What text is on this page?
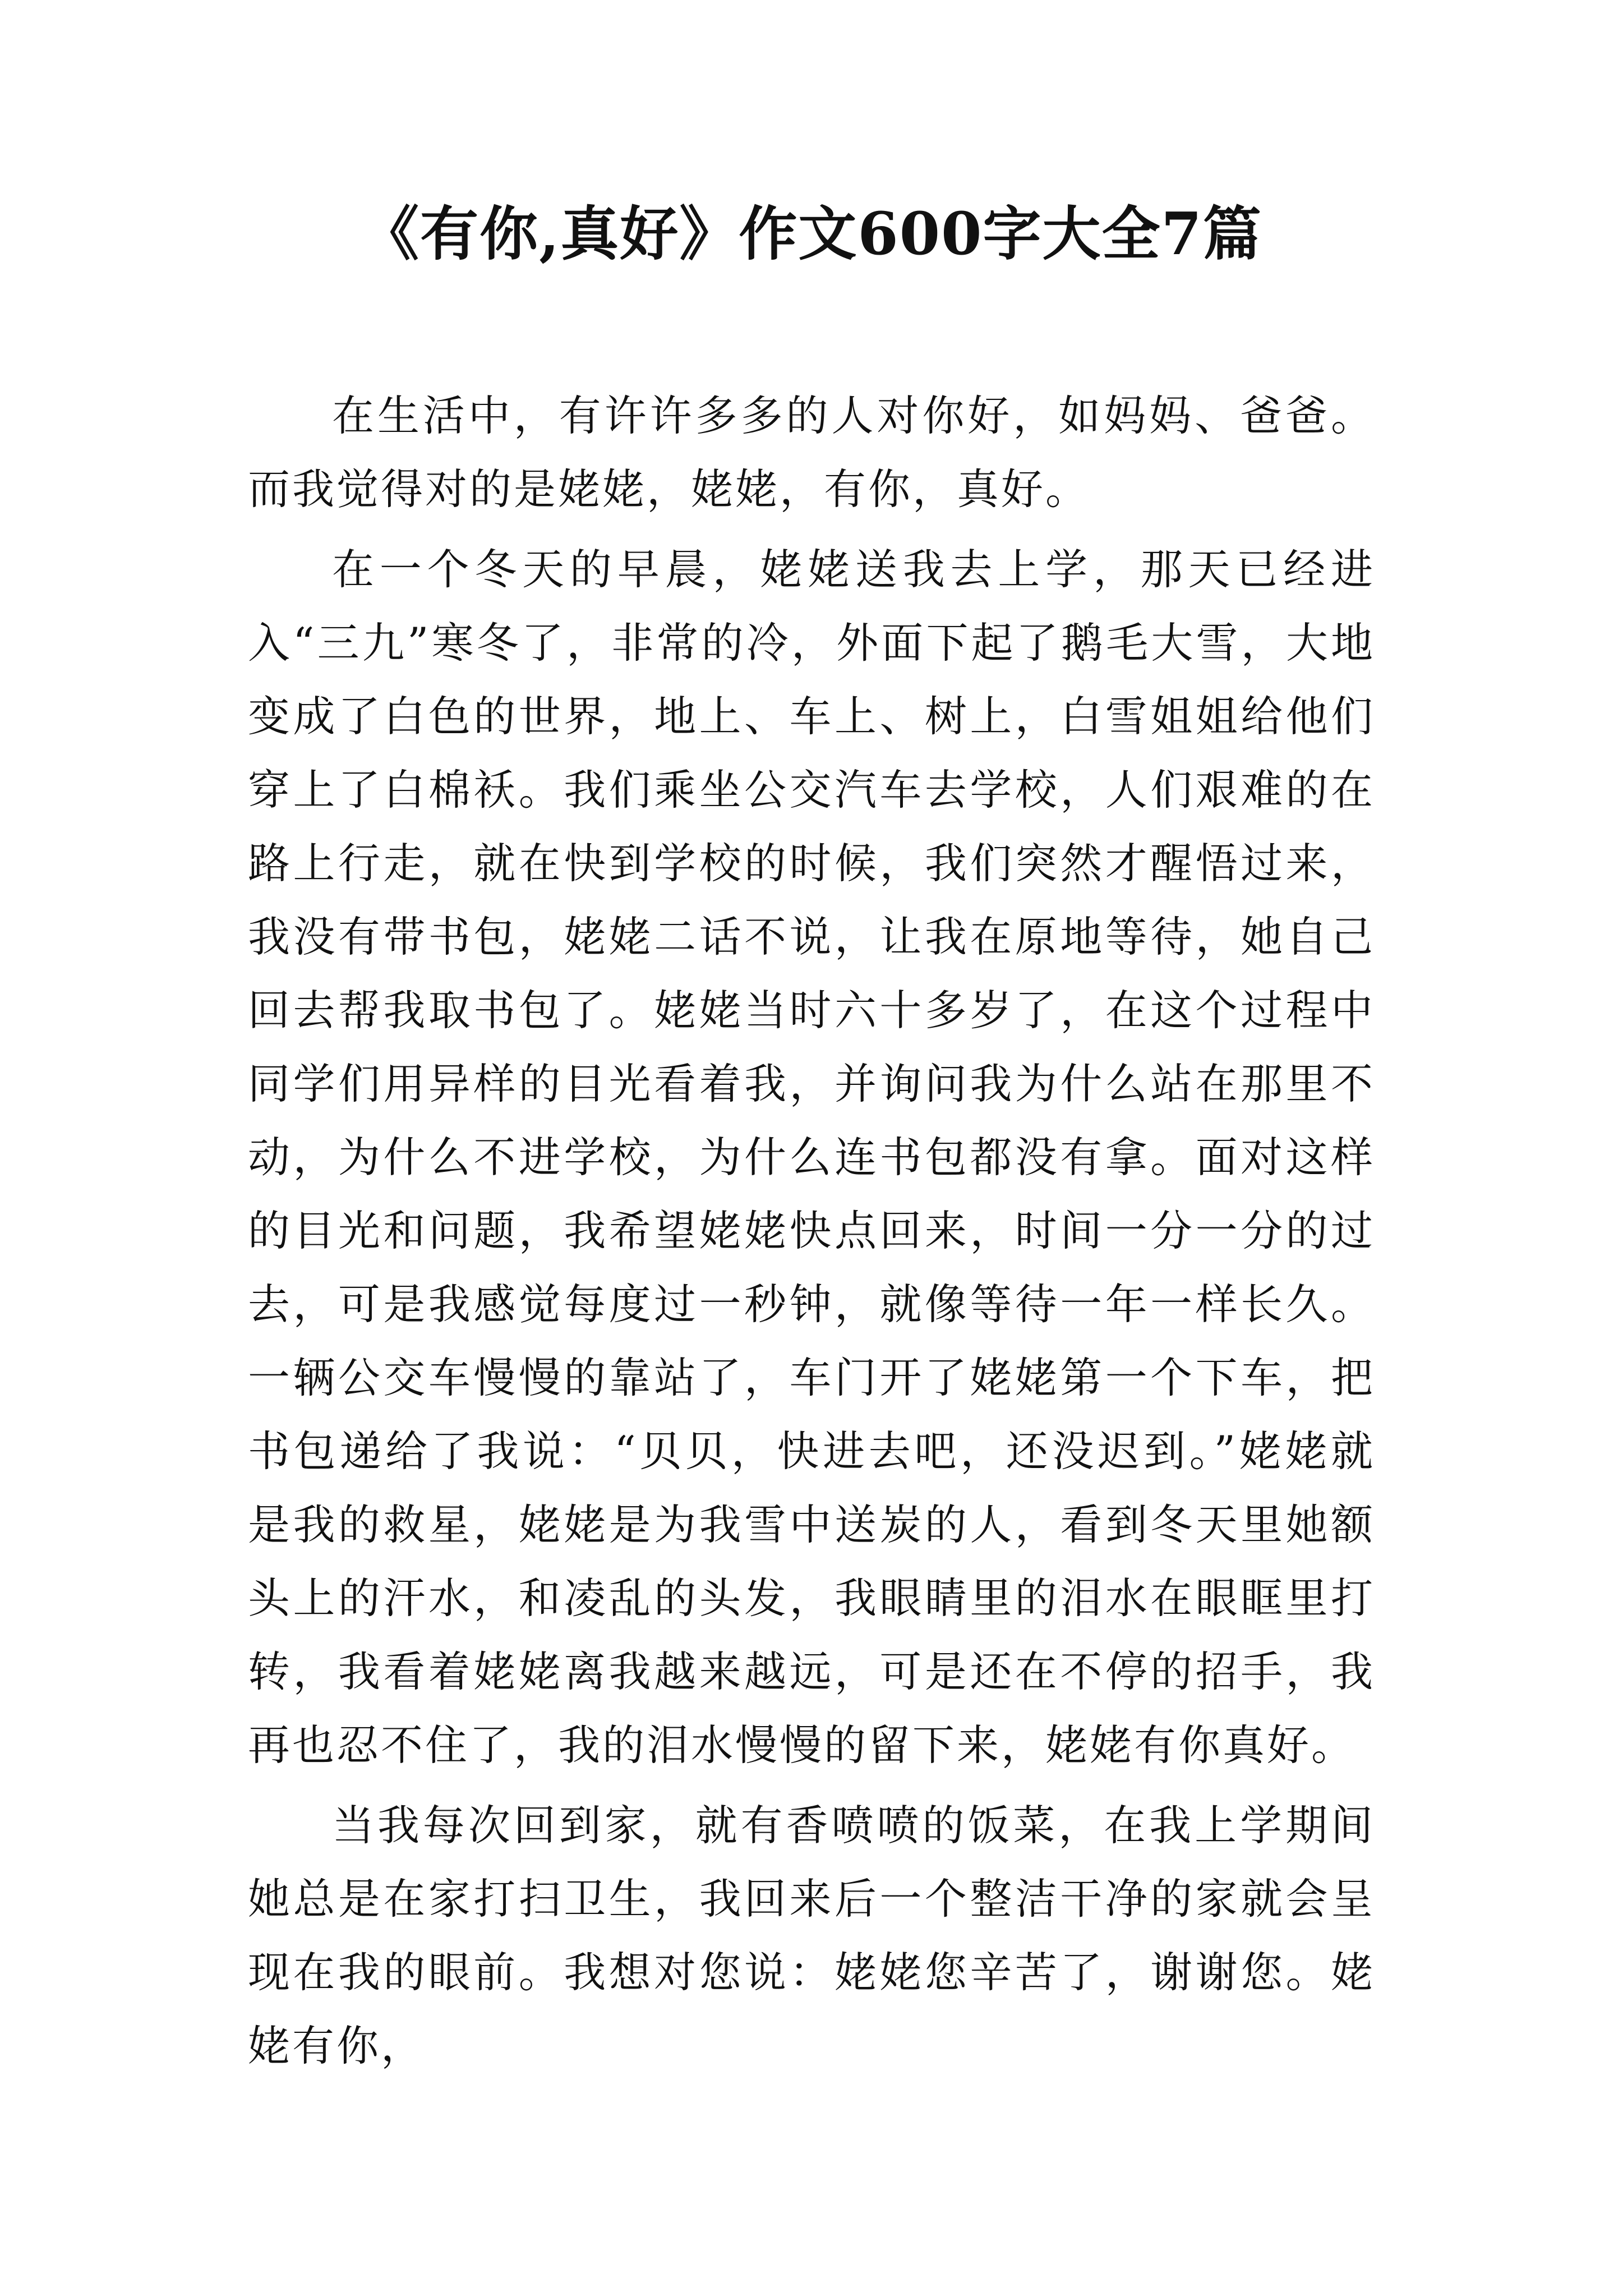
《有你,真好》作文600字大全7篇

在生活中，有许许多多的人对你好，如妈妈、爸爸。而我觉得对的是姥姥，姥姥，有你，真好。

在一个冬天的早晨，姥姥送我去上学，那天已经进入“三九”寒冬了，非常的冷，外面下起了鹅毛大雪，大地变成了白色的世界，地上、车上、树上，白雪姐姐给他们穿上了白棉袄。我们乘坐公交汽车去学校，人们艰难的在路上行走，就在快到学校的时候，我们突然才醒悟过来，我没有带书包，姥姥二话不说，让我在原地等待，她自己回去帮我取书包了。姥姥当时六十多岁了，在这个过程中同学们用异样的目光看着我，并询问我为什么站在那里不动，为什么不进学校，为什么连书包都没有拿。面对这样的目光和问题，我希望姥姥快点回来，时间一分一分的过去，可是我感觉每度过一秒钟，就像等待一年一样长久。一辆公交车慢慢的靠站了，车门开了姥姥第一个下车，把书包递给了我说：“贝贝，快进去吧，还没迟到。”姥姥就是我的救星，姥姥是为我雪中送炭的人，看到冬天里她额头上的汗水，和凌乱的头发，我眼睛里的泪水在眼眶里打转，我看着姥姥离我越来越远，可是还在不停的招手，我再也忍不住了，我的泪水慢慢的留下来，姥姥有你真好。

当我每次回到家，就有香喷喷的饭菜，在我上学期间她总是在家打扫卫生，我回来后一个整洁干净的家就会呈现在我的眼前。我想对您说：姥姥您辛苦了，谢谢您。姥姥有你，
